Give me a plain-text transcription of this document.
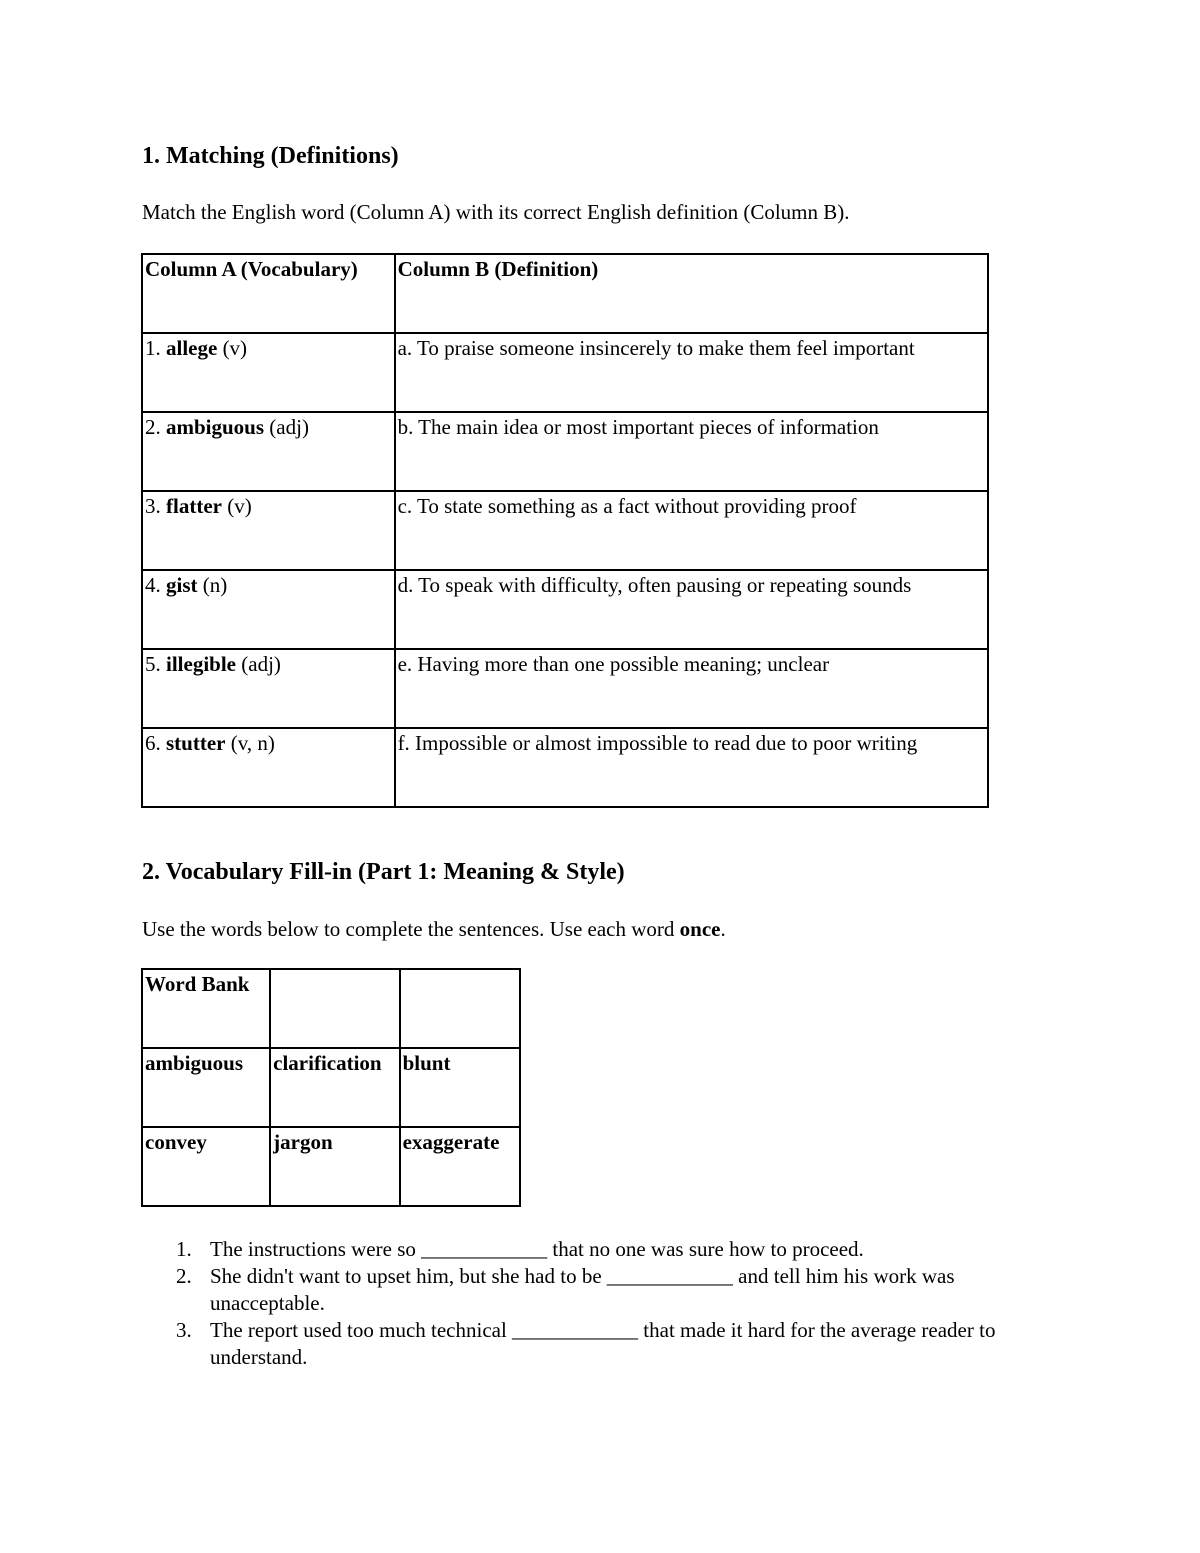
1. Matching (Definitions)

Match the English word (Column A) with its correct English definition (Column B).

Column A (Vocabulary)	Column B (Definition)
1. allege (v)	a. To praise someone insincerely to make them feel important
2. ambiguous (adj)	b. The main idea or most important pieces of information
3. flatter (v)	c. To state something as a fact without providing proof
4. gist (n)	d. To speak with difficulty, often pausing or repeating sounds
5. illegible (adj)	e. Having more than one possible meaning; unclear
6. stutter (v, n)	f. Impossible or almost impossible to read due to poor writing
2. Vocabulary Fill-in (Part 1: Meaning & Style)

Use the words below to complete the sentences. Use each word once.

Word Bank		
ambiguous	clarification	blunt
convey	jargon	exaggerate
1. The instructions were so ____________ that no one was sure how to proceed.
2. She didn't want to upset him, but she had to be ____________ and tell him his work was unacceptable.
3. The report used too much technical ____________ that made it hard for the average reader to understand.
